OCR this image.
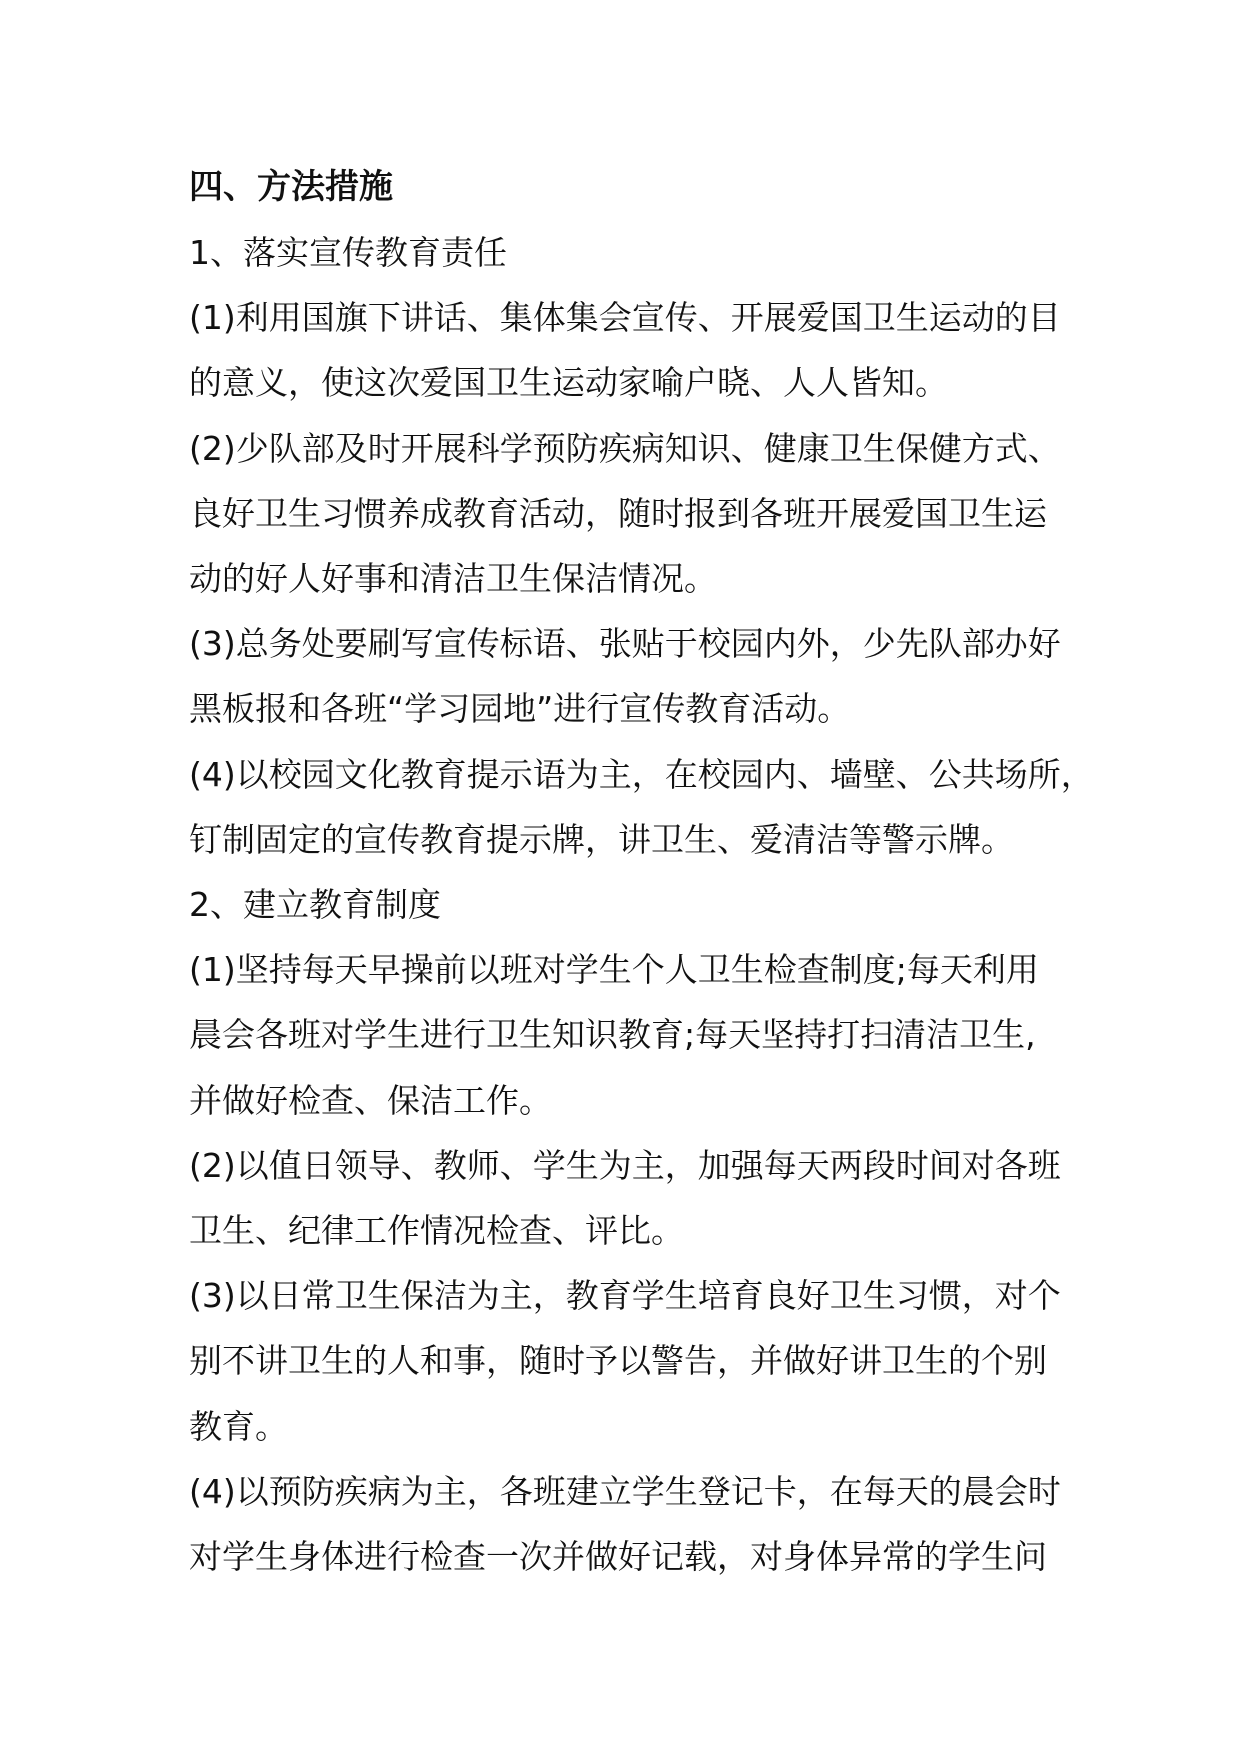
四、方法措施

1、落实宣传教育责任

(1)利用国旗下讲话、集体集会宣传、开展爱国卫生运动的目

的意义，使这次爱国卫生运动家喻户晓、人人皆知。

(2)少队部及时开展科学预防疾病知识、健康卫生保健方式、

良好卫生习惯养成教育活动，随时报到各班开展爱国卫生运

动的好人好事和清洁卫生保洁情况。

(3)总务处要刷写宣传标语、张贴于校园内外，少先队部办好

黑板报和各班“学习园地”进行宣传教育活动。

(4)以校园文化教育提示语为主，在校园内、墙壁、公共场所，

钉制固定的宣传教育提示牌，讲卫生、爱清洁等警示牌。

2、建立教育制度

(1)坚持每天早操前以班对学生个人卫生检查制度;每天利用

晨会各班对学生进行卫生知识教育;每天坚持打扫清洁卫生,

并做好检查、保洁工作。

(2)以值日领导、教师、学生为主，加强每天两段时间对各班

卫生、纪律工作情况检查、评比。

(3)以日常卫生保洁为主，教育学生培育良好卫生习惯，对个

别不讲卫生的人和事，随时予以警告，并做好讲卫生的个别

教育。

(4)以预防疾病为主，各班建立学生登记卡，在每天的晨会时

对学生身体进行检查一次并做好记载，对身体异常的学生问
